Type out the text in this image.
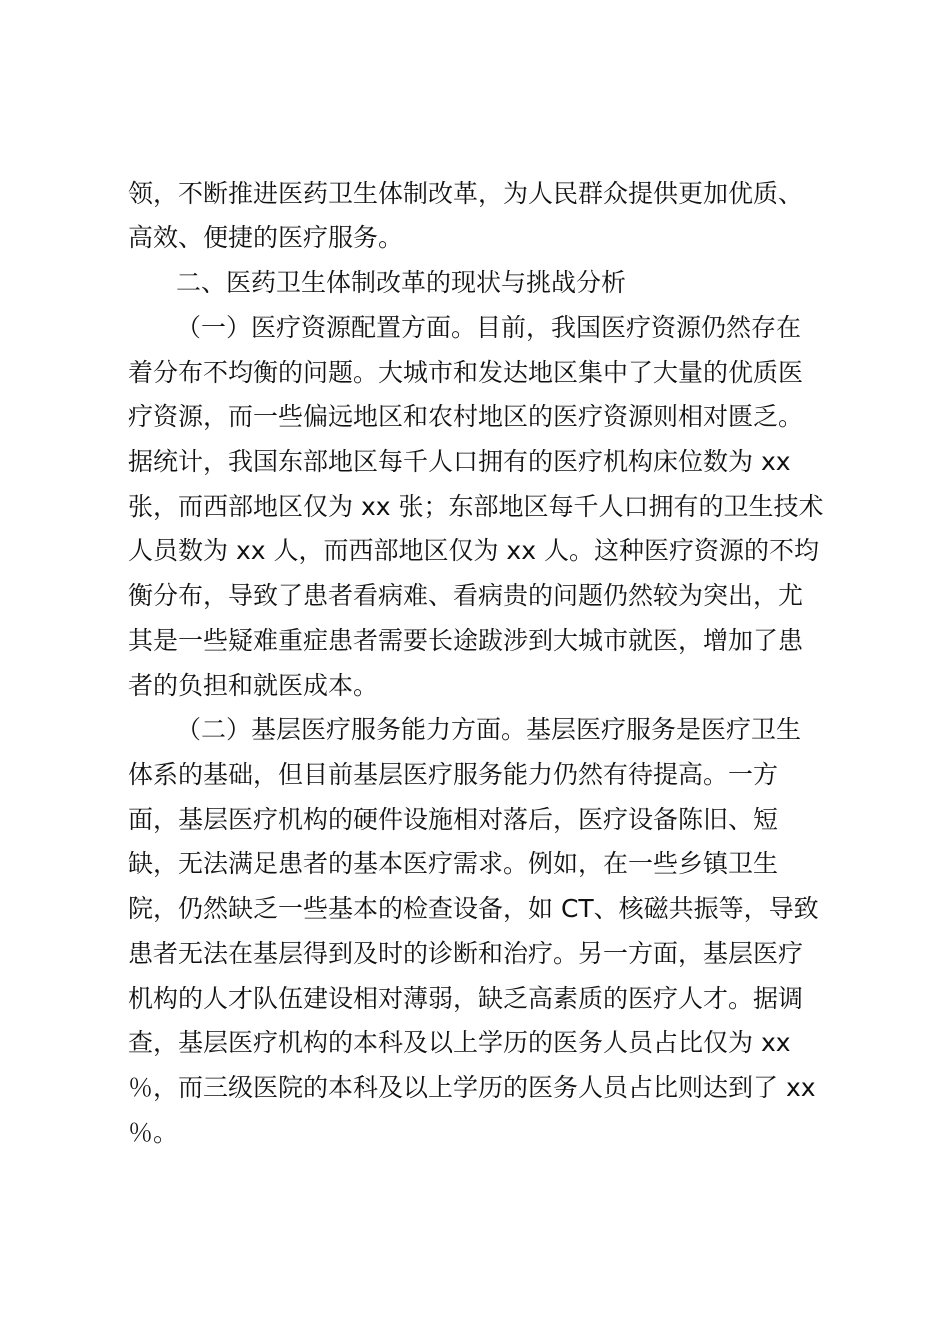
领，不断推进医药卫生体制改革，为人民群众提供更加优质、
高效、便捷的医疗服务。
二、医药卫生体制改革的现状与挑战分析
（一）医疗资源配置方面。目前，我国医疗资源仍然存在
着分布不均衡的问题。大城市和发达地区集中了大量的优质医
疗资源，而一些偏远地区和农村地区的医疗资源则相对匮乏。
据统计，我国东部地区每千人口拥有的医疗机构床位数为 xx
张，而西部地区仅为 xx 张；东部地区每千人口拥有的卫生技术
人员数为 xx 人，而西部地区仅为 xx 人。这种医疗资源的不均
衡分布，导致了患者看病难、看病贵的问题仍然较为突出，尤
其是一些疑难重症患者需要长途跋涉到大城市就医，增加了患
者的负担和就医成本。
（二）基层医疗服务能力方面。基层医疗服务是医疗卫生
体系的基础，但目前基层医疗服务能力仍然有待提高。一方
面，基层医疗机构的硬件设施相对落后，医疗设备陈旧、短
缺，无法满足患者的基本医疗需求。例如，在一些乡镇卫生
院，仍然缺乏一些基本的检查设备，如 CT、核磁共振等，导致
患者无法在基层得到及时的诊断和治疗。另一方面，基层医疗
机构的人才队伍建设相对薄弱，缺乏高素质的医疗人才。据调
查，基层医疗机构的本科及以上学历的医务人员占比仅为 xx
％，而三级医院的本科及以上学历的医务人员占比则达到了 xx
％。
